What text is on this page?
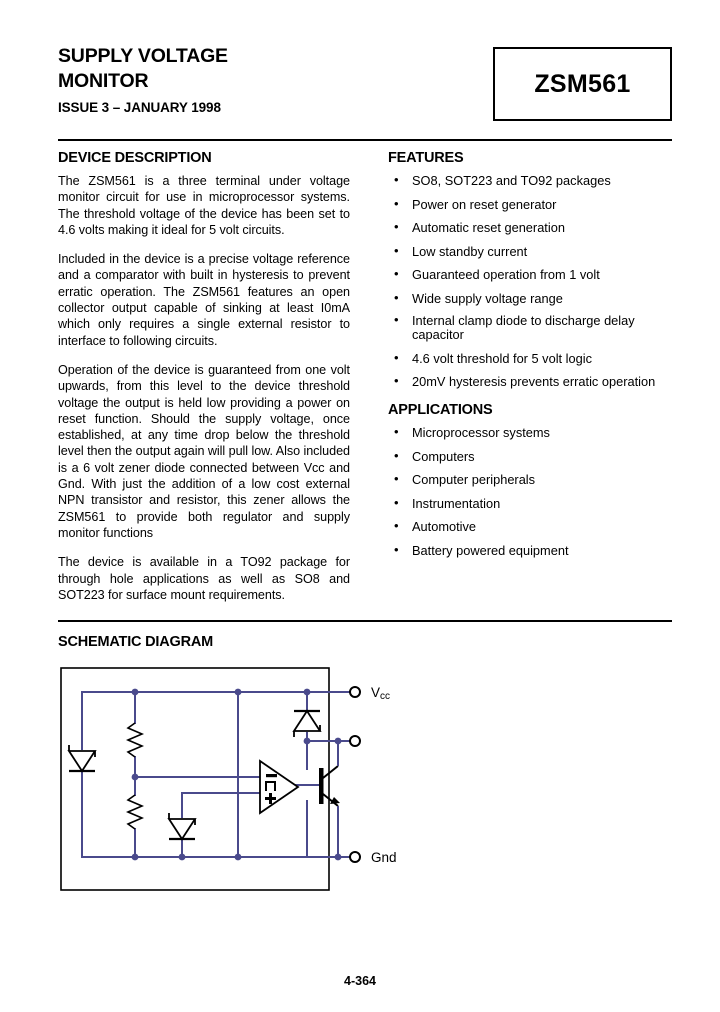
SUPPLY VOLTAGE
MONITOR
ISSUE 3 – JANUARY 1998
ZSM561
DEVICE DESCRIPTION

The ZSM561 is a three terminal under voltage monitor circuit for use in microprocessor systems. The threshold voltage of the device has been set to 4.6 volts making it ideal for 5 volt circuits.

Included in the device is a precise voltage reference and a comparator with built in hysteresis to prevent erratic operation. The ZSM561 features an open collector output capable of sinking at least I0mA which only requires a single external resistor to interface to following circuits.

Operation of the device is guaranteed from one volt upwards, from this level to the device threshold voltage the output is held low providing a power on reset function. Should the supply voltage, once established, at any time drop below the threshold level then the output again will pull low. Also included is a 6 volt zener diode connected between Vcc and Gnd. With just the addition of a low cost external NPN transistor and resistor, this zener allows the ZSM561 to provide both regulator and supply monitor functions

The device is available in a TO92 package for through hole applications as well as SO8 and SOT223 for surface mount requirements.

FEATURES
• SO8, SOT223 and TO92 packages
• Power on reset generator
• Automatic reset generation
• Low standby current
• Guaranteed operation from 1 volt
• Wide supply voltage range
• Internal clamp diode to discharge delay capacitor
• 4.6 volt threshold for 5 volt logic
• 20mV hysteresis prevents erratic operation
APPLICATIONS
• Microprocessor systems
• Computers
• Computer peripherals
• Instrumentation
• Automotive
• Battery powered equipment
SCHEMATIC DIAGRAM
Vcc
Gnd
4-364
